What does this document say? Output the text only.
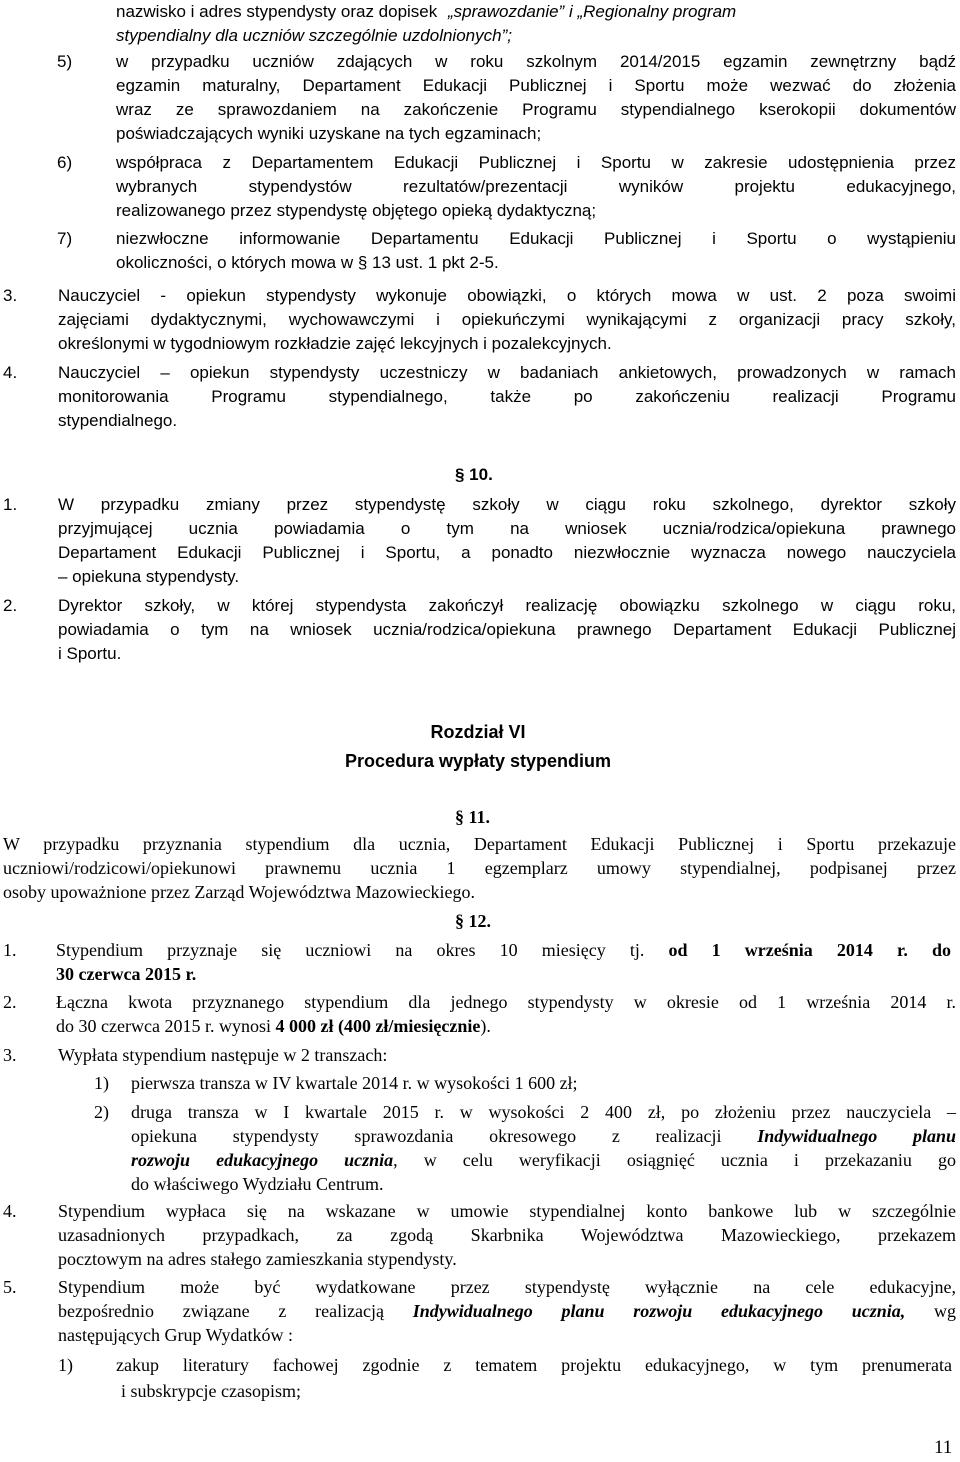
nazwisko i adres stypendysty oraz dopisek „sprawozdanie” i „Regionalny program
stypendialny dla uczniów szczególnie uzdolnionych”;
5)	w przypadku uczniów zdających w roku szkolnym 2014/2015 egzamin zewnętrzny bądź
egzamin maturalny, Departament Edukacji Publicznej i Sportu może wezwać do złożenia
wraz ze sprawozdaniem na zakończenie Programu stypendialnego kserokopii dokumentów
poświadczających wyniki uzyskane na tych egzaminach;
6)	współpraca z Departamentem Edukacji Publicznej i Sportu w zakresie udostępnienia przez
wybranych stypendystów rezultatów/prezentacji wyników projektu edukacyjnego,
realizowanego przez stypendystę objętego opieką dydaktyczną;
7)	niezwłoczne informowanie Departamentu Edukacji Publicznej i Sportu o wystąpieniu
okoliczności, o których mowa w § 13 ust. 1 pkt 2-5.
3. Nauczyciel - opiekun stypendysty wykonuje obowiązki, o których mowa w ust. 2 poza swoimi
zajęciami dydaktycznymi, wychowawczymi i opiekuńczymi wynikającymi z organizacji pracy szkoły,
określonymi w tygodniowym rozkładzie zajęć lekcyjnych i pozalekcyjnych.
4. Nauczyciel – opiekun stypendysty uczestniczy w badaniach ankietowych, prowadzonych w ramach
monitorowania Programu stypendialnego, także po zakończeniu realizacji Programu
stypendialnego.
§ 10.
1. W przypadku zmiany przez stypendystę szkoły w ciągu roku szkolnego, dyrektor szkoły
przyjmującej ucznia powiadamia o tym na wniosek ucznia/rodzica/opiekuna prawnego
Departament Edukacji Publicznej i Sportu, a ponadto niezwłocznie wyznacza nowego nauczyciela
– opiekuna stypendysty.
2. Dyrektor szkoły, w której stypendysta zakończył realizację obowiązku szkolnego w ciągu roku,
powiadamia o tym na wniosek ucznia/rodzica/opiekuna prawnego Departament Edukacji Publicznej
i Sportu.
Rozdział VI
Procedura wypłaty stypendium
§ 11.
W przypadku przyznania stypendium dla ucznia, Departament Edukacji Publicznej i Sportu przekazuje
uczniowi/rodzicowi/opiekunowi prawnemu ucznia 1 egzemplarz umowy stypendialnej, podpisanej przez
osoby upoważnione przez Zarząd Województwa Mazowieckiego.
§ 12.
1. Stypendium przyznaje się uczniowi na okres 10 miesięcy tj. od 1 września 2014 r. do
30 czerwca 2015 r.
2. Łączna kwota przyznanego stypendium dla jednego stypendysty w okresie od 1 września 2014 r.
do 30 czerwca 2015 r. wynosi 4 000 zł (400 zł/miesięcznie).
3. Wypłata stypendium następuje w 2 transzach:
1) pierwsza transza w IV kwartale 2014 r. w wysokości 1 600 zł;
2) druga transza w I kwartale 2015 r. w wysokości 2 400 zł, po złożeniu przez nauczyciela –
opiekuna stypendysty sprawozdania okresowego z realizacji Indywidualnego planu
rozwoju edukacyjnego ucznia, w celu weryfikacji osiągnięć ucznia i przekazaniu go
do właściwego Wydziału Centrum.
4. Stypendium wypłaca się na wskazane w umowie stypendialnej konto bankowe lub w szczególnie
uzasadnionych przypadkach, za zgodą Skarbnika Województwa Mazowieckiego, przekazem
pocztowym na adres stałego zamieszkania stypendysty.
5. Stypendium może być wydatkowane przez stypendystę wyłącznie na cele edukacyjne,
bezpośrednio związane z realizacją Indywidualnego planu rozwoju edukacyjnego ucznia, wg
następujących Grup Wydatków :
1) zakup literatury fachowej zgodnie z tematem projektu edukacyjnego, w tym prenumerata
i subskrypcje czasopism;
11
